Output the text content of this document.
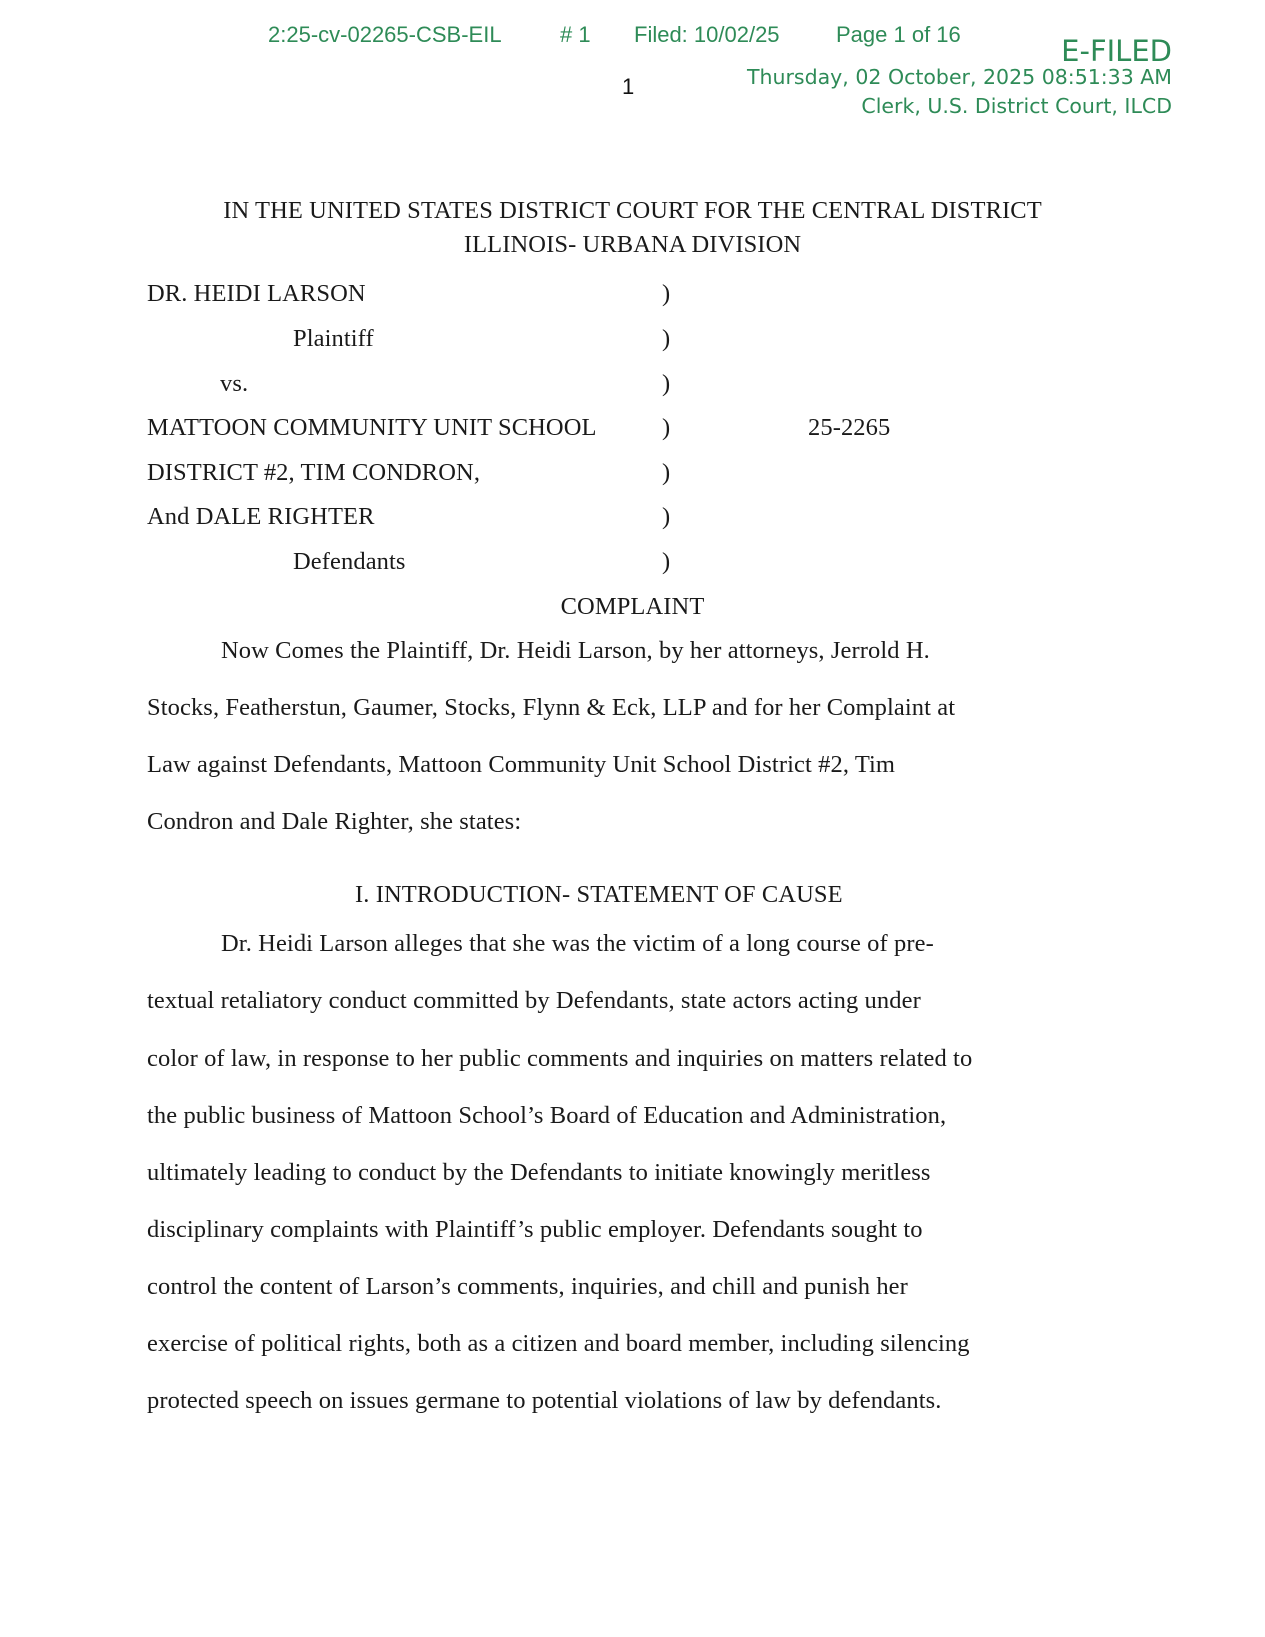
2:25-cv-02265-CSB-EIL	# 1 Filed: 10/02/25	Page 1 of 16
1
E-FILED
Thursday, 02 October, 2025 08:51:33 AM
Clerk, U.S. District Court, ILCD
IN THE UNITED STATES DISTRICT COURT FOR THE CENTRAL DISTRICT
ILLINOIS- URBANA DIVISION
DR. HEIDI LARSON
Plaintiff
vs.
MATTOON COMMUNITY UNIT SCHOOL
DISTRICT #2, TIM CONDRON,
And DALE RIGHTER
Defendants
)
)
)
)
)
)
)
25-2265
COMPLAINT
Now Comes the Plaintiff, Dr. Heidi Larson, by her attorneys, Jerrold H.
Stocks, Featherstun, Gaumer, Stocks, Flynn & Eck, LLP and for her Complaint at
Law against Defendants, Mattoon Community Unit School District #2, Tim
Condron and Dale Righter, she states:
I. INTRODUCTION- STATEMENT OF CAUSE
Dr. Heidi Larson alleges that she was the victim of a long course of pre-
textual retaliatory conduct committed by Defendants, state actors acting under
color of law, in response to her public comments and inquiries on matters related to
the public business of Mattoon School’s Board of Education and Administration,
ultimately leading to conduct by the Defendants to initiate knowingly meritless
disciplinary complaints with Plaintiff’s public employer. Defendants sought to
control the content of Larson’s comments, inquiries, and chill and punish her
exercise of political rights, both as a citizen and board member, including silencing
protected speech on issues germane to potential violations of law by defendants.
